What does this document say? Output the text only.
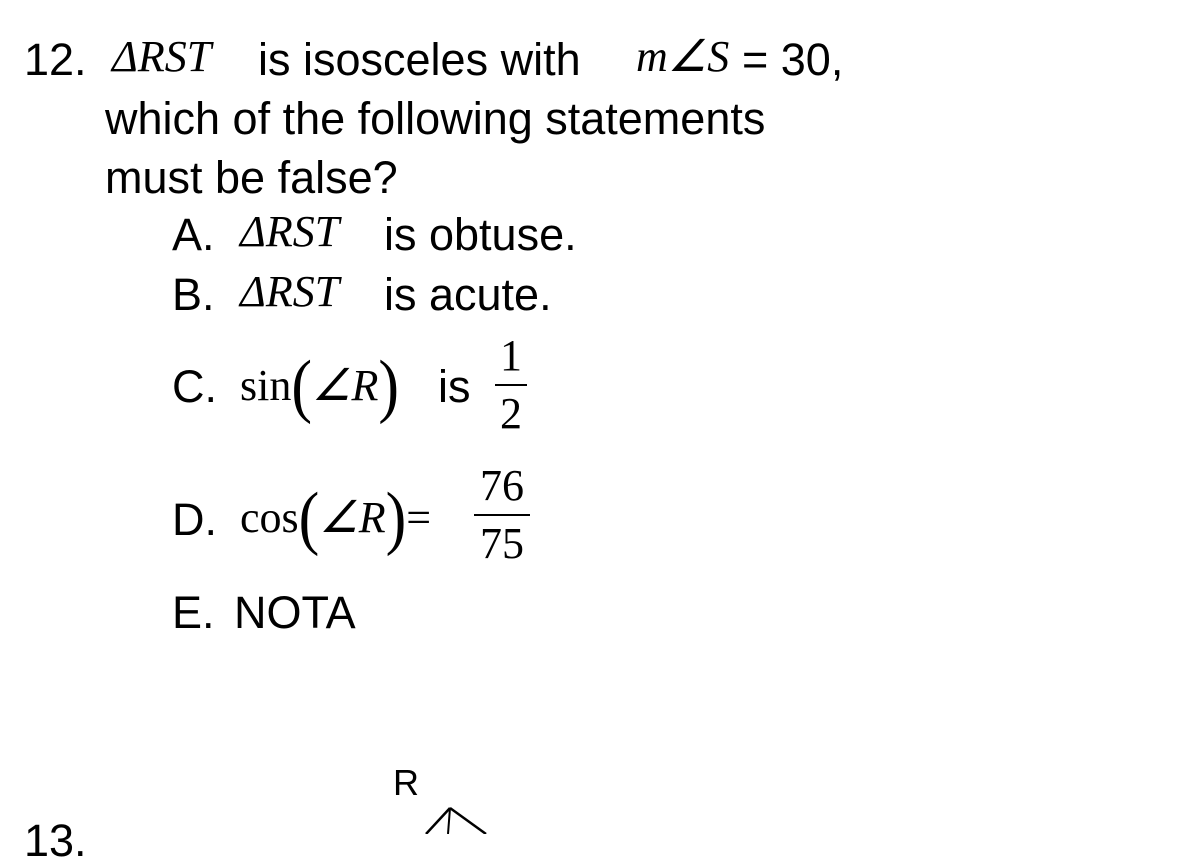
12. ΔRST is isosceles with m∠S = 30,
which of the following statements
must be false?
A. ΔRST is obtuse.
B. ΔRST is acute.
C. sin(∠R) is
1
2
D. cos(∠R)=
76
75
E. NOTA
13.
R
